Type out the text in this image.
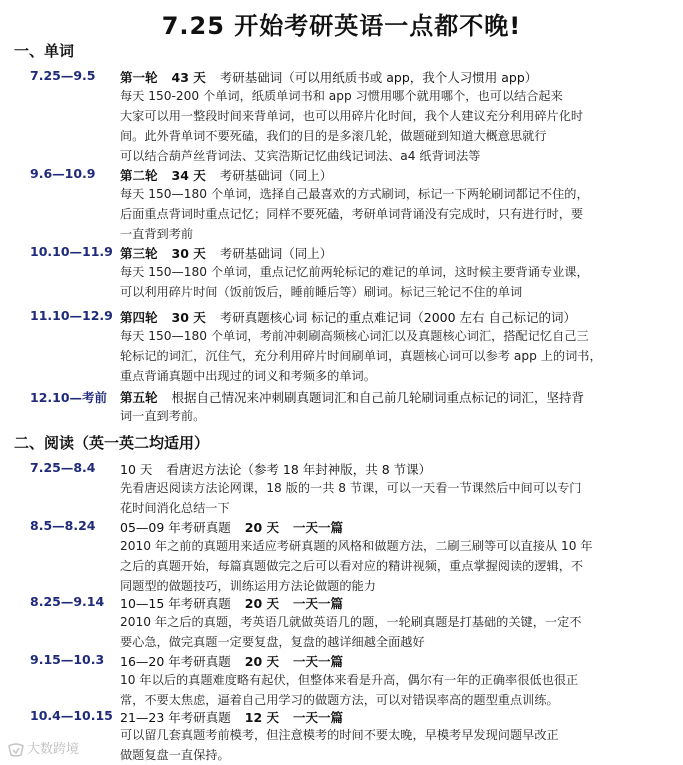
7.25 开始考研英语一点都不晚!
一、单词
7.25—9.5 第一轮 43 天 考研基础词（可以用纸质书或 app，我个人习惯用 app）
每天 150-200 个单词，纸质单词书和 app 习惯用哪个就用哪个，也可以结合起来
大家可以用一整段时间来背单词，也可以用碎片化时间，我个人建议充分利用碎片化时
间。此外背单词不要死磕，我们的目的是多滚几轮，做题碰到知道大概意思就行
可以结合葫芦丝背词法、艾宾浩斯记忆曲线记词法、a4 纸背词法等
9.6—10.9 第二轮 34 天 考研基础词（同上）
每天 150—180 个单词，选择自己最喜欢的方式刷词，标记一下两轮刷词都记不住的，
后面重点背词时重点记忆；同样不要死磕，考研单词背诵没有完成时，只有进行时，要
一直背到考前
10.10—11.9 第三轮 30 天 考研基础词（同上）
每天 150—180 个单词，重点记忆前两轮标记的难记的单词，这时候主要背诵专业课，
可以利用碎片时间（饭前饭后，睡前睡后等）刷词。标记三轮记不住的单词
11.10—12.9 第四轮 30 天 考研真题核心词 标记的重点难记词（2000 左右 自己标记的词）
每天 150—180 个单词，考前冲刺刷高频核心词汇以及真题核心词汇，搭配记忆自己三
轮标记的词汇，沉住气，充分利用碎片时间刷单词，真题核心词可以参考 app 上的词书，
重点背诵真题中出现过的词义和考频多的单词。
12.10—考前 第五轮 根据自己情况来冲刺刷真题词汇和自己前几轮刷词重点标记的词汇，坚持背
词一直到考前。
二、阅读（英一英二均适用）
7.25—8.4 10 天 看唐迟方法论（参考 18 年封神版，共 8 节课）
先看唐迟阅读方法论网课，18 版的一共 8 节课，可以一天看一节课然后中间可以专门
花时间消化总结一下
8.5—8.24 05—09 年考研真题 20 天 一天一篇
2010 年之前的真题用来适应考研真题的风格和做题方法，二刷三刷等可以直接从 10 年
之后的真题开始，每篇真题做完之后可以看对应的精讲视频，重点掌握阅读的逻辑，不
同题型的做题技巧，训练运用方法论做题的能力
8.25—9.14 10—15 年考研真题 20 天 一天一篇
2010 年之后的真题，考英语几就做英语几的题，一轮刷真题是打基础的关键，一定不
要心急，做完真题一定要复盘，复盘的越详细越全面越好
9.15—10.3 16—20 年考研真题 20 天 一天一篇
10 年以后的真题难度略有起伏，但整体来看是升高，偶尔有一年的正确率很低也很正
常，不要太焦虑，逼着自己用学习的做题方法，可以对错误率高的题型重点训练。
10.4—10.15 21—23 年考研真题 12 天 一天一篇
可以留几套真题考前模考，但注意模考的时间不要太晚，早模考早发现问题早改正
做题复盘一直保持。
大数跨境
